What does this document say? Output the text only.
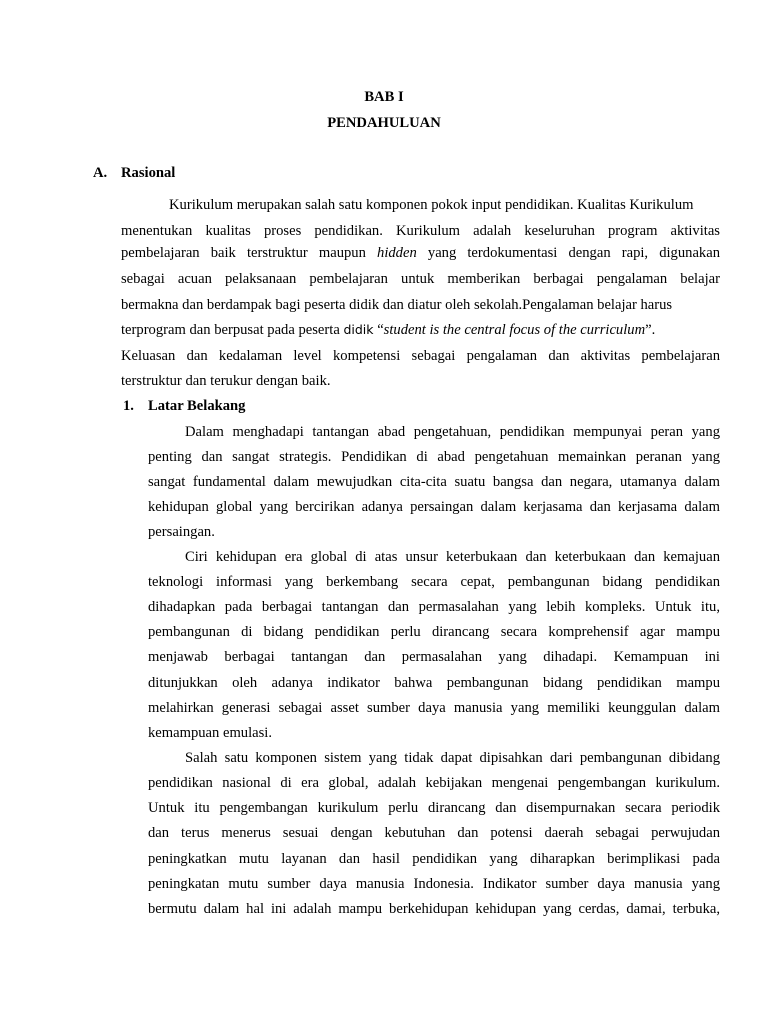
BAB I
PENDAHULUAN
A. Rasional
Kurikulum merupakan salah satu komponen pokok input pendidikan. Kualitas Kurikulum
menentukan kualitas proses pendidikan. Kurikulum adalah keseluruhan program aktivitas
pembelajaran baik terstruktur maupun hidden yang terdokumentasi dengan rapi, digunakan
sebagai acuan pelaksanaan pembelajaran untuk memberikan berbagai pengalaman belajar
bermakna dan berdampak bagi peserta didik dan diatur oleh sekolah.Pengalaman belajar harus
terprogram dan berpusat pada peserta didik “student is the central focus of the curriculum”.
Keluasan dan kedalaman level kompetensi sebagai pengalaman dan aktivitas pembelajaran
terstruktur dan terukur dengan baik.
1. Latar Belakang
Dalam menghadapi tantangan abad pengetahuan, pendidikan mempunyai peran yang
penting dan sangat strategis. Pendidikan di abad pengetahuan memainkan peranan yang
sangat fundamental dalam mewujudkan cita-cita suatu bangsa dan negara, utamanya dalam
kehidupan global yang bercirikan adanya persaingan dalam kerjasama dan kerjasama dalam
persaingan.
Ciri kehidupan era global di atas unsur keterbukaan dan keterbukaan dan kemajuan
teknologi informasi yang berkembang secara cepat, pembangunan bidang pendidikan
dihadapkan pada berbagai tantangan dan permasalahan yang lebih kompleks. Untuk itu,
pembangunan di bidang pendidikan perlu dirancang secara komprehensif agar mampu
menjawab berbagai tantangan dan permasalahan yang dihadapi. Kemampuan ini
ditunjukkan oleh adanya indikator bahwa pembangunan bidang pendidikan mampu
melahirkan generasi sebagai asset sumber daya manusia yang memiliki keunggulan dalam
kemampuan emulasi.
Salah satu komponen sistem yang tidak dapat dipisahkan dari pembangunan dibidang
pendidikan nasional di era global, adalah kebijakan mengenai pengembangan kurikulum.
Untuk itu pengembangan kurikulum perlu dirancang dan disempurnakan secara periodik
dan terus menerus sesuai dengan kebutuhan dan potensi daerah sebagai perwujudan
peningkatkan mutu layanan dan hasil pendidikan yang diharapkan berimplikasi pada
peningkatan mutu sumber daya manusia Indonesia. Indikator sumber daya manusia yang
bermutu dalam hal ini adalah mampu berkehidupan kehidupan yang cerdas, damai, terbuka,
